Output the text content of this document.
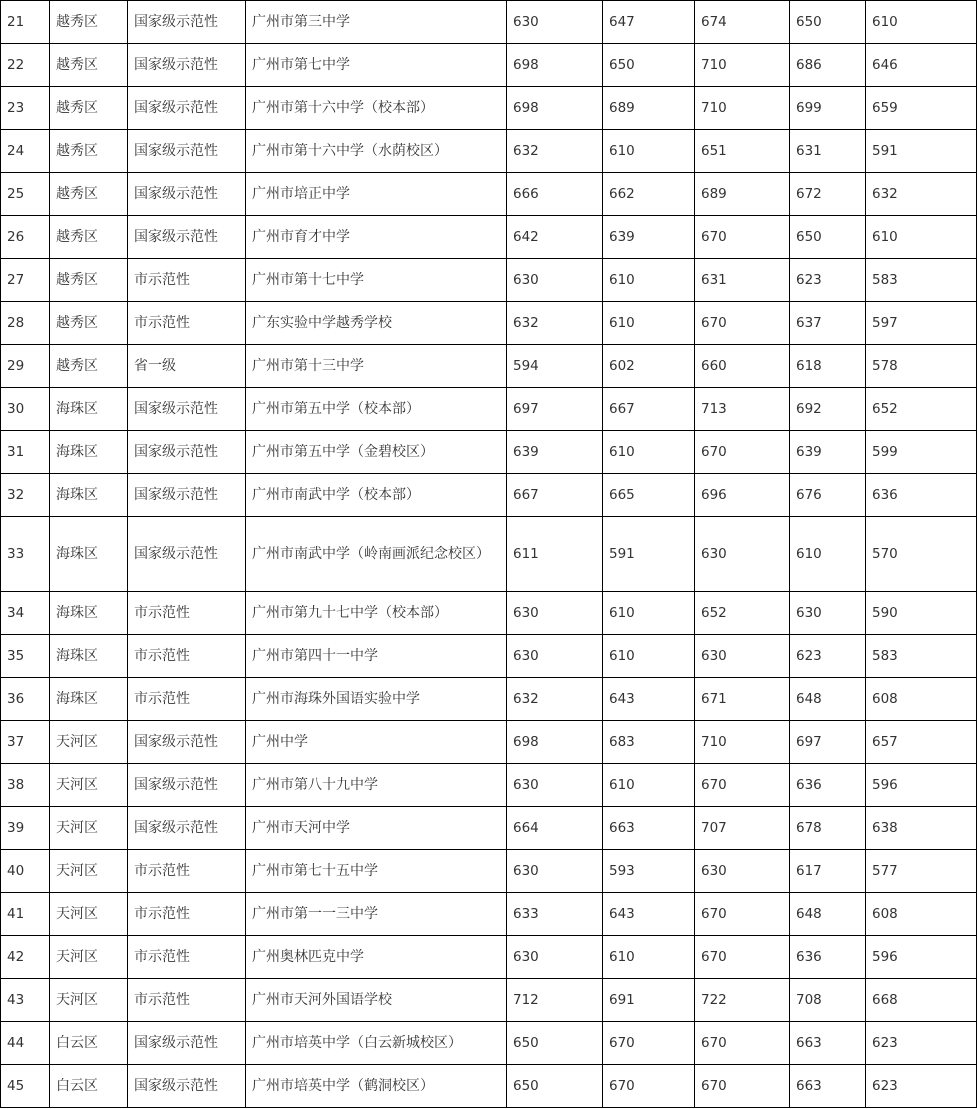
21	越秀区	国家级示范性	广州市第三中学	630	647	674	650	610
22	越秀区	国家级示范性	广州市第七中学	698	650	710	686	646
23	越秀区	国家级示范性	广州市第十六中学（校本部）	698	689	710	699	659
24	越秀区	国家级示范性	广州市第十六中学（水荫校区）	632	610	651	631	591
25	越秀区	国家级示范性	广州市培正中学	666	662	689	672	632
26	越秀区	国家级示范性	广州市育才中学	642	639	670	650	610
27	越秀区	市示范性	广州市第十七中学	630	610	631	623	583
28	越秀区	市示范性	广东实验中学越秀学校	632	610	670	637	597
29	越秀区	省一级	广州市第十三中学	594	602	660	618	578
30	海珠区	国家级示范性	广州市第五中学（校本部）	697	667	713	692	652
31	海珠区	国家级示范性	广州市第五中学（金碧校区）	639	610	670	639	599
32	海珠区	国家级示范性	广州市南武中学（校本部）	667	665	696	676	636
33	海珠区	国家级示范性	广州市南武中学（岭南画派纪念校区）	611	591	630	610	570
34	海珠区	市示范性	广州市第九十七中学（校本部）	630	610	652	630	590
35	海珠区	市示范性	广州市第四十一中学	630	610	630	623	583
36	海珠区	市示范性	广州市海珠外国语实验中学	632	643	671	648	608
37	天河区	国家级示范性	广州中学	698	683	710	697	657
38	天河区	国家级示范性	广州市第八十九中学	630	610	670	636	596
39	天河区	国家级示范性	广州市天河中学	664	663	707	678	638
40	天河区	市示范性	广州市第七十五中学	630	593	630	617	577
41	天河区	市示范性	广州市第一一三中学	633	643	670	648	608
42	天河区	市示范性	广州奥林匹克中学	630	610	670	636	596
43	天河区	市示范性	广州市天河外国语学校	712	691	722	708	668
44	白云区	国家级示范性	广州市培英中学（白云新城校区）	650	670	670	663	623
45	白云区	国家级示范性	广州市培英中学（鹤洞校区）	650	670	670	663	623
